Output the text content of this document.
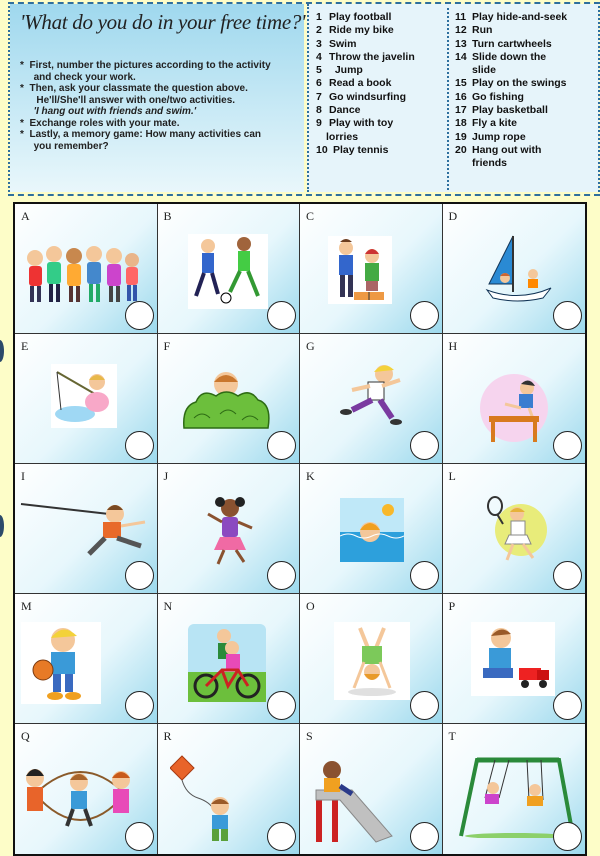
'What do you do in your free time?'
* First, number the pictures according to the activity
and check your work.
* Then, ask your classmate the question above.
He'll/She'll answer with one/two activities.
'I hang out with friends and swim.'
* Exchange roles with your mate.
* Lastly, a memory game: How many activities can
you remember?
1 Play football
2 Ride my bike
3 Swim
4 Throw the javelin
5 Jump
6 Read a book
7 Go windsurfing
8 Dance
9 Play with toy
lorries
10 Play tennis
11 Play hide-and-seek
12 Run
13 Turn cartwheels
14 Slide down the
slide
15 Play on the swings
16 Go fishing
17 Play basketball
18 Fly a kite
19 Jump rope
20 Hang out with
friends
A	B	C	D
E	F	G	H
I	J	K	L
M	N	O	P
Q	R	S	T
